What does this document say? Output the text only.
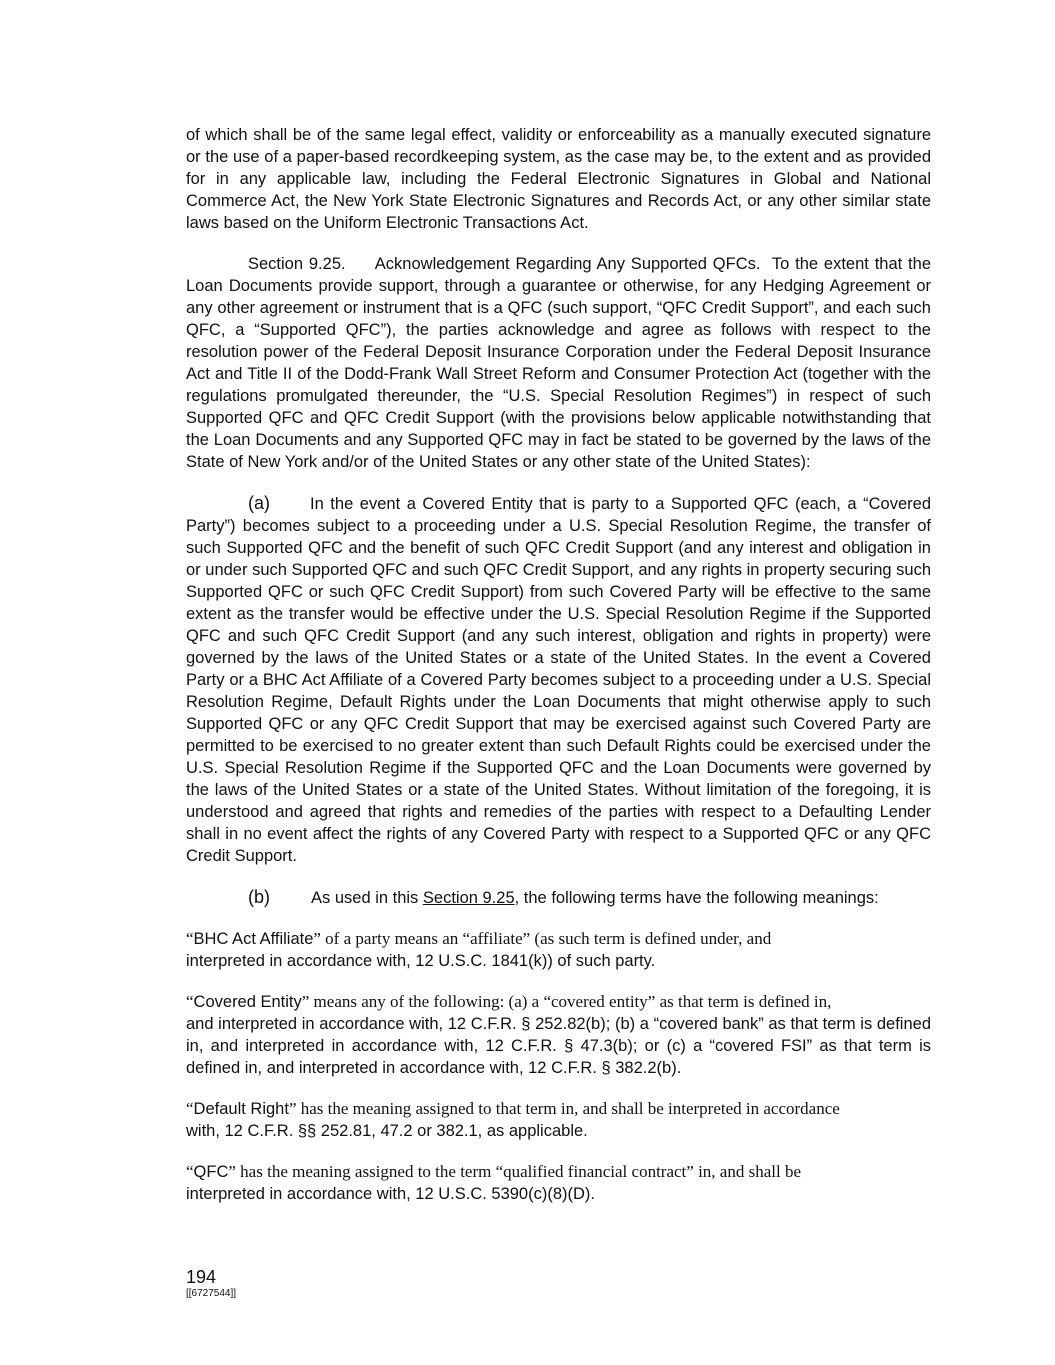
of which shall be of the same legal effect, validity or enforceability as a manually executed signature or the use of a paper-based recordkeeping system, as the case may be, to the extent and as provided for in any applicable law, including the Federal Electronic Signatures in Global and National Commerce Act, the New York State Electronic Signatures and Records Act, or any other similar state laws based on the Uniform Electronic Transactions Act.

Section 9.25. Acknowledgement Regarding Any Supported QFCs. To the extent that the Loan Documents provide support, through a guarantee or otherwise, for any Hedging Agreement or any other agreement or instrument that is a QFC (such support, “QFC Credit Support”, and each such QFC, a “Supported QFC”), the parties acknowledge and agree as follows with respect to the resolution power of the Federal Deposit Insurance Corporation under the Federal Deposit Insurance Act and Title II of the Dodd-Frank Wall Street Reform and Consumer Protection Act (together with the regulations promulgated thereunder, the “U.S. Special Resolution Regimes”) in respect of such Supported QFC and QFC Credit Support (with the provisions below applicable notwithstanding that the Loan Documents and any Supported QFC may in fact be stated to be governed by the laws of the State of New York and/or of the United States or any other state of the United States):

(a) In the event a Covered Entity that is party to a Supported QFC (each, a “Covered Party”) becomes subject to a proceeding under a U.S. Special Resolution Regime, the transfer of such Supported QFC and the benefit of such QFC Credit Support (and any interest and obligation in or under such Supported QFC and such QFC Credit Support, and any rights in property securing such Supported QFC or such QFC Credit Support) from such Covered Party will be effective to the same extent as the transfer would be effective under the U.S. Special Resolution Regime if the Supported QFC and such QFC Credit Support (and any such interest, obligation and rights in property) were governed by the laws of the United States or a state of the United States. In the event a Covered Party or a BHC Act Affiliate of a Covered Party becomes subject to a proceeding under a U.S. Special Resolution Regime, Default Rights under the Loan Documents that might otherwise apply to such Supported QFC or any QFC Credit Support that may be exercised against such Covered Party are permitted to be exercised to no greater extent than such Default Rights could be exercised under the U.S. Special Resolution Regime if the Supported QFC and the Loan Documents were governed by the laws of the United States or a state of the United States. Without limitation of the foregoing, it is understood and agreed that rights and remedies of the parties with respect to a Defaulting Lender shall in no event affect the rights of any Covered Party with respect to a Supported QFC or any QFC Credit Support.

(b) As used in this Section 9.25, the following terms have the following meanings:

“BHC Act Affiliate” of a party means an “affiliate” (as such term is defined under, and
interpreted in accordance with, 12 U.S.C. 1841(k)) of such party.

“Covered Entity” means any of the following: (a) a “covered entity” as that term is defined in,
and interpreted in accordance with, 12 C.F.R. § 252.82(b); (b) a “covered bank” as that term is defined in, and interpreted in accordance with, 12 C.F.R. § 47.3(b); or (c) a “covered FSI” as that term is defined in, and interpreted in accordance with, 12 C.F.R. § 382.2(b).

“Default Right” has the meaning assigned to that term in, and shall be interpreted in accordance
with, 12 C.F.R. §§ 252.81, 47.2 or 382.1, as applicable.

“QFC” has the meaning assigned to the term “qualified financial contract” in, and shall be
interpreted in accordance with, 12 U.S.C. 5390(c)(8)(D).

194
[[6727544]]
